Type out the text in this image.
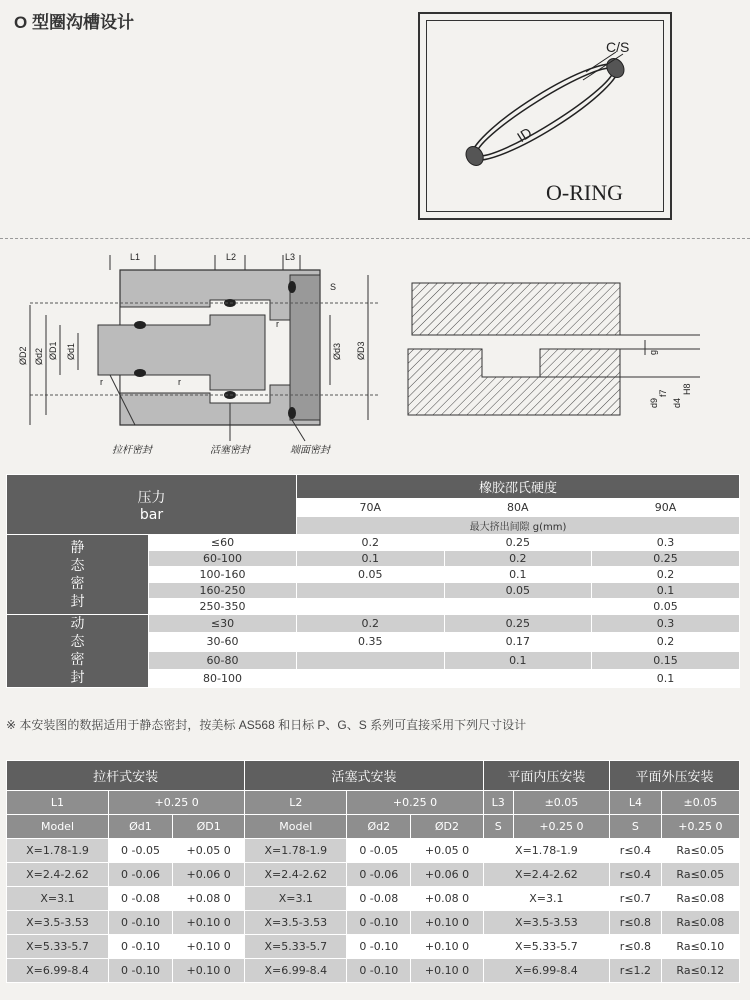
O 型圈沟槽设计
C/S
ID
O-RING
L1	L2	L3
S
ØD2 Ød2 ØD1 Ød1	Ød3 ØD3
r	r
r
g
d9
f7
d4
H8
拉杆密封	活塞密封	端面密封
压力
bar		橡胶邵氏硬度		
		70A	80A	90A
		最大挤出间隙 g(mm)		

静态密封	≤60	0.2	0.25	0.3
	60-100	0.1	0.2	0.25
	100-160	0.05	0.1	0.2
	160-250		0.05	0.1
	250-350			0.05

动态密封	≤30	0.2	0.25	0.3
	30-60	0.35	0.17	0.2
	60-80		0.1	0.15
	80-100			0.1
※ 本安装图的数据适用于静态密封，按美标 AS568 和日标 P、G、S 系列可直接采用下列尺寸设计
拉杆式安装			活塞式安装			平面内压安装		平面外压安装	
L1	+0.25 0		L2	+0.25 0		L3	±0.05	L4	±0.05
Model	Ød1	ØD1	Model	Ød2	ØD2	S	+0.25 0	S	+0.25 0
X=1.78-1.9	0 -0.05	+0.05 0	X=1.78-1.9	0 -0.05	+0.05 0	X=1.78-1.9		r≤0.4	Ra≤0.05
X=2.4-2.62	0 -0.06	+0.06 0	X=2.4-2.62	0 -0.06	+0.06 0	X=2.4-2.62		r≤0.4	Ra≤0.05
X=3.1	0 -0.08	+0.08 0	X=3.1	0 -0.08	+0.08 0	X=3.1		r≤0.7	Ra≤0.08
X=3.5-3.53	0 -0.10	+0.10 0	X=3.5-3.53	0 -0.10	+0.10 0	X=3.5-3.53		r≤0.8	Ra≤0.08
X=5.33-5.7	0 -0.10	+0.10 0	X=5.33-5.7	0 -0.10	+0.10 0	X=5.33-5.7		r≤0.8	Ra≤0.10
X=6.99-8.4	0 -0.10	+0.10 0	X=6.99-8.4	0 -0.10	+0.10 0	X=6.99-8.4		r≤1.2	Ra≤0.12
